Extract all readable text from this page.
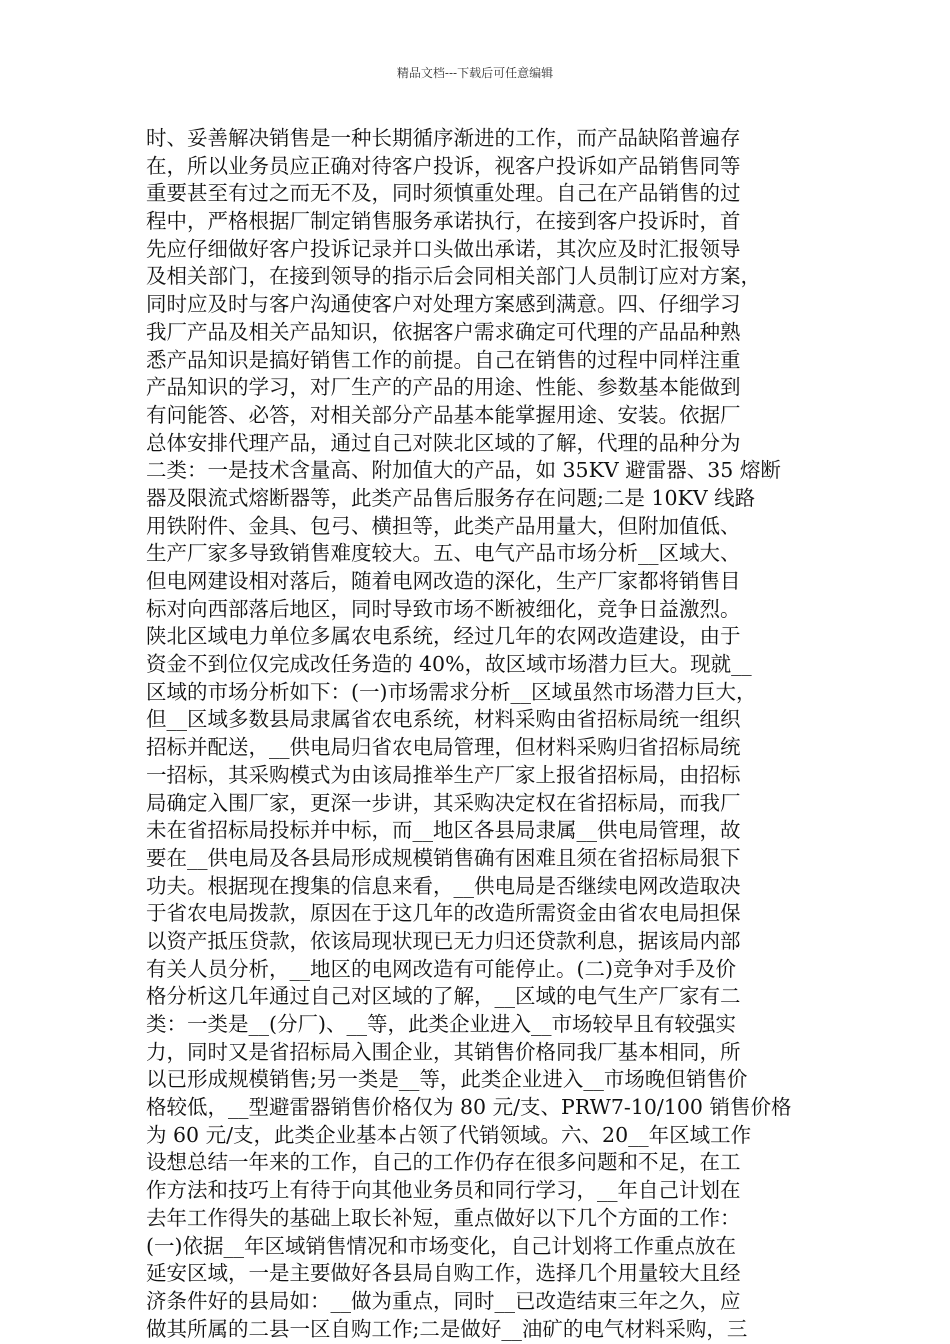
精品文档---下载后可任意编辑
时、妥善解决销售是一种长期循序渐进的工作，而产品缺陷普遍存
在，所以业务员应正确对待客户投诉，视客户投诉如产品销售同等
重要甚至有过之而无不及，同时须慎重处理。自己在产品销售的过
程中，严格根据厂制定销售服务承诺执行，在接到客户投诉时，首
先应仔细做好客户投诉记录并口头做出承诺，其次应及时汇报领导
及相关部门，在接到领导的指示后会同相关部门人员制订应对方案，
同时应及时与客户沟通使客户对处理方案感到满意。四、仔细学习
我厂产品及相关产品知识，依据客户需求确定可代理的产品品种熟
悉产品知识是搞好销售工作的前提。自己在销售的过程中同样注重
产品知识的学习，对厂生产的产品的用途、性能、参数基本能做到
有问能答、必答，对相关部分产品基本能掌握用途、安装。依据厂
总体安排代理产品，通过自己对陕北区域的了解，代理的品种分为
二类：一是技术含量高、附加值大的产品，如 35KV 避雷器、35 熔断
器及限流式熔断器等，此类产品售后服务存在问题;二是 10KV 线路
用铁附件、金具、包弓、横担等，此类产品用量大，但附加值低、
生产厂家多导致销售难度较大。五、电气产品市场分析__区域大、
但电网建设相对落后，随着电网改造的深化，生产厂家都将销售目
标对向西部落后地区，同时导致市场不断被细化，竞争日益激烈。
陕北区域电力单位多属农电系统，经过几年的农网改造建设，由于
资金不到位仅完成改任务造的 40%，故区域市场潜力巨大。现就__
区域的市场分析如下：(一)市场需求分析__区域虽然市场潜力巨大，
但__区域多数县局隶属省农电系统，材料采购由省招标局统一组织
招标并配送，__供电局归省农电局管理，但材料采购归省招标局统
一招标，其采购模式为由该局推举生产厂家上报省招标局，由招标
局确定入围厂家，更深一步讲，其采购决定权在省招标局，而我厂
未在省招标局投标并中标，而__地区各县局隶属__供电局管理，故
要在__供电局及各县局形成规模销售确有困难且须在省招标局狠下
功夫。根据现在搜集的信息来看，__供电局是否继续电网改造取决
于省农电局拨款，原因在于这几年的改造所需资金由省农电局担保
以资产抵压贷款，依该局现状现已无力归还贷款利息，据该局内部
有关人员分析，__地区的电网改造有可能停止。(二)竞争对手及价
格分析这几年通过自己对区域的了解，__区域的电气生产厂家有二
类：一类是__(分厂)、__等，此类企业进入__市场较早且有较强实
力，同时又是省招标局入围企业，其销售价格同我厂基本相同，所
以已形成规模销售;另一类是__等，此类企业进入__市场晚但销售价
格较低，__型避雷器销售价格仅为 80 元/支、PRW7-10/100 销售价格
为 60 元/支，此类企业基本占领了代销领域。六、20__年区域工作
设想总结一年来的工作，自己的工作仍存在很多问题和不足，在工
作方法和技巧上有待于向其他业务员和同行学习，__年自己计划在
去年工作得失的基础上取长补短，重点做好以下几个方面的工作：
(一)依据__年区域销售情况和市场变化，自己计划将工作重点放在
延安区域，一是主要做好各县局自购工作，选择几个用量较大且经
济条件好的县局如：__做为重点，同时__已改造结束三年之久，应
做其所属的二县一区自购工作;二是做好__油矿的电气材料采购，三
